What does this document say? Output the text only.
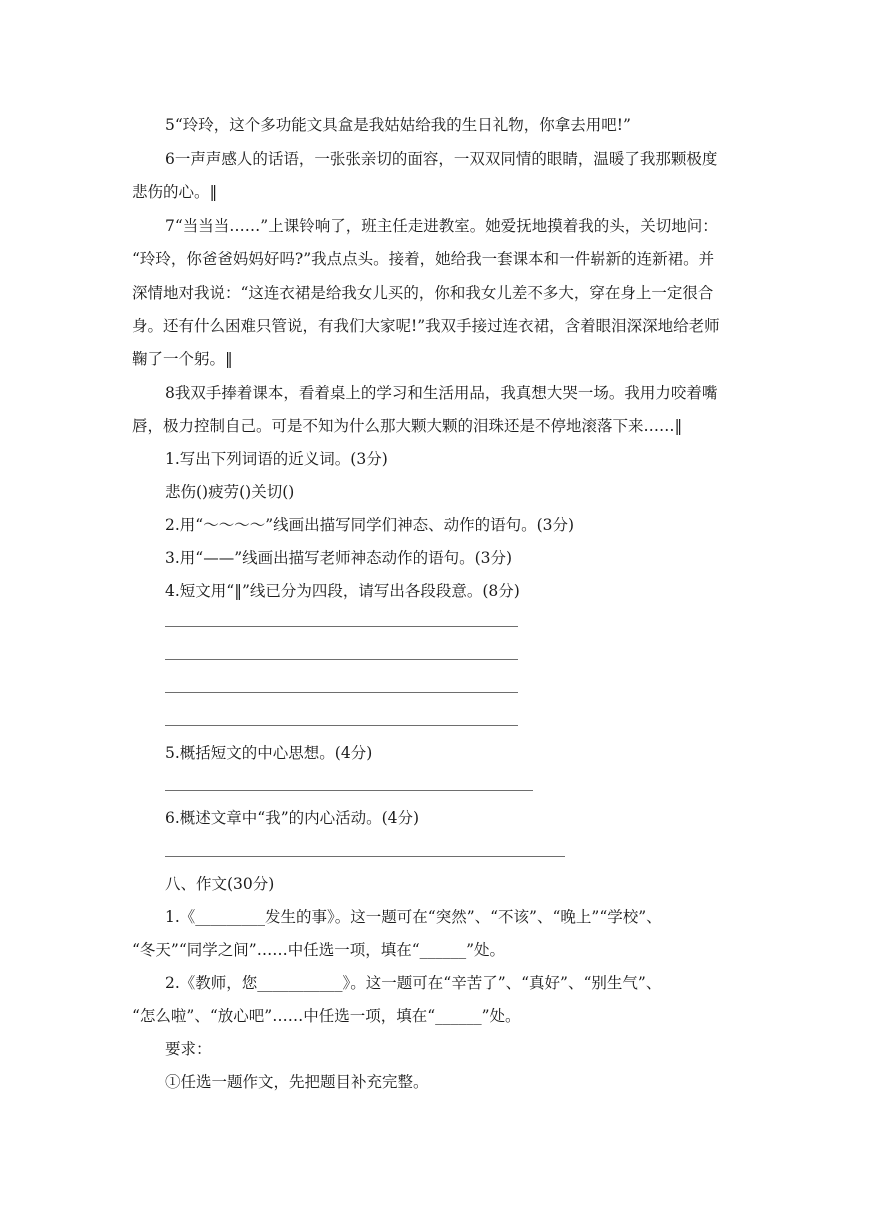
5“玲玲，这个多功能文具盒是我姑姑给我的生日礼物，你拿去用吧!”
6一声声感人的话语，一张张亲切的面容，一双双同情的眼睛，温暖了我那颗极度
悲伤的心。‖
7“当当当……”上课铃响了，班主任走进教室。她爱抚地摸着我的头，关切地问：
“玲玲，你爸爸妈妈好吗?”我点点头。接着，她给我一套课本和一件崭新的连新裙。并
深情地对我说：“这连衣裙是给我女儿买的，你和我女儿差不多大，穿在身上一定很合
身。还有什么困难只管说，有我们大家呢!”我双手接过连衣裙，含着眼泪深深地给老师
鞠了一个躬。‖
8我双手捧着课本，看着桌上的学习和生活用品，我真想大哭一场。我用力咬着嘴
唇，极力控制自己。可是不知为什么那大颗大颗的泪珠还是不停地滚落下来……‖
1.写出下列词语的近义词。(3分)
悲伤()疲劳()关切()
2.用“～～～～”线画出描写同学们神态、动作的语句。(3分)
3.用“——”线画出描写老师神态动作的语句。(3分)
4.短文用“‖”线已分为四段，请写出各段段意。(8分)
5.概括短文的中心思想。(4分)
6.概述文章中“我”的内心活动。(4分)
八、作文(30分)
1.《_________发生的事》。这一题可在“突然”、“不该”、“晚上”“学校”、
“冬天”“同学之间”……中任选一项，填在“______”处。
2.《教师，您___________》。这一题可在“辛苦了”、“真好”、“别生气”、
“怎么啦”、“放心吧”……中任选一项，填在“______”处。
要求：
①任选一题作文，先把题目补充完整。
